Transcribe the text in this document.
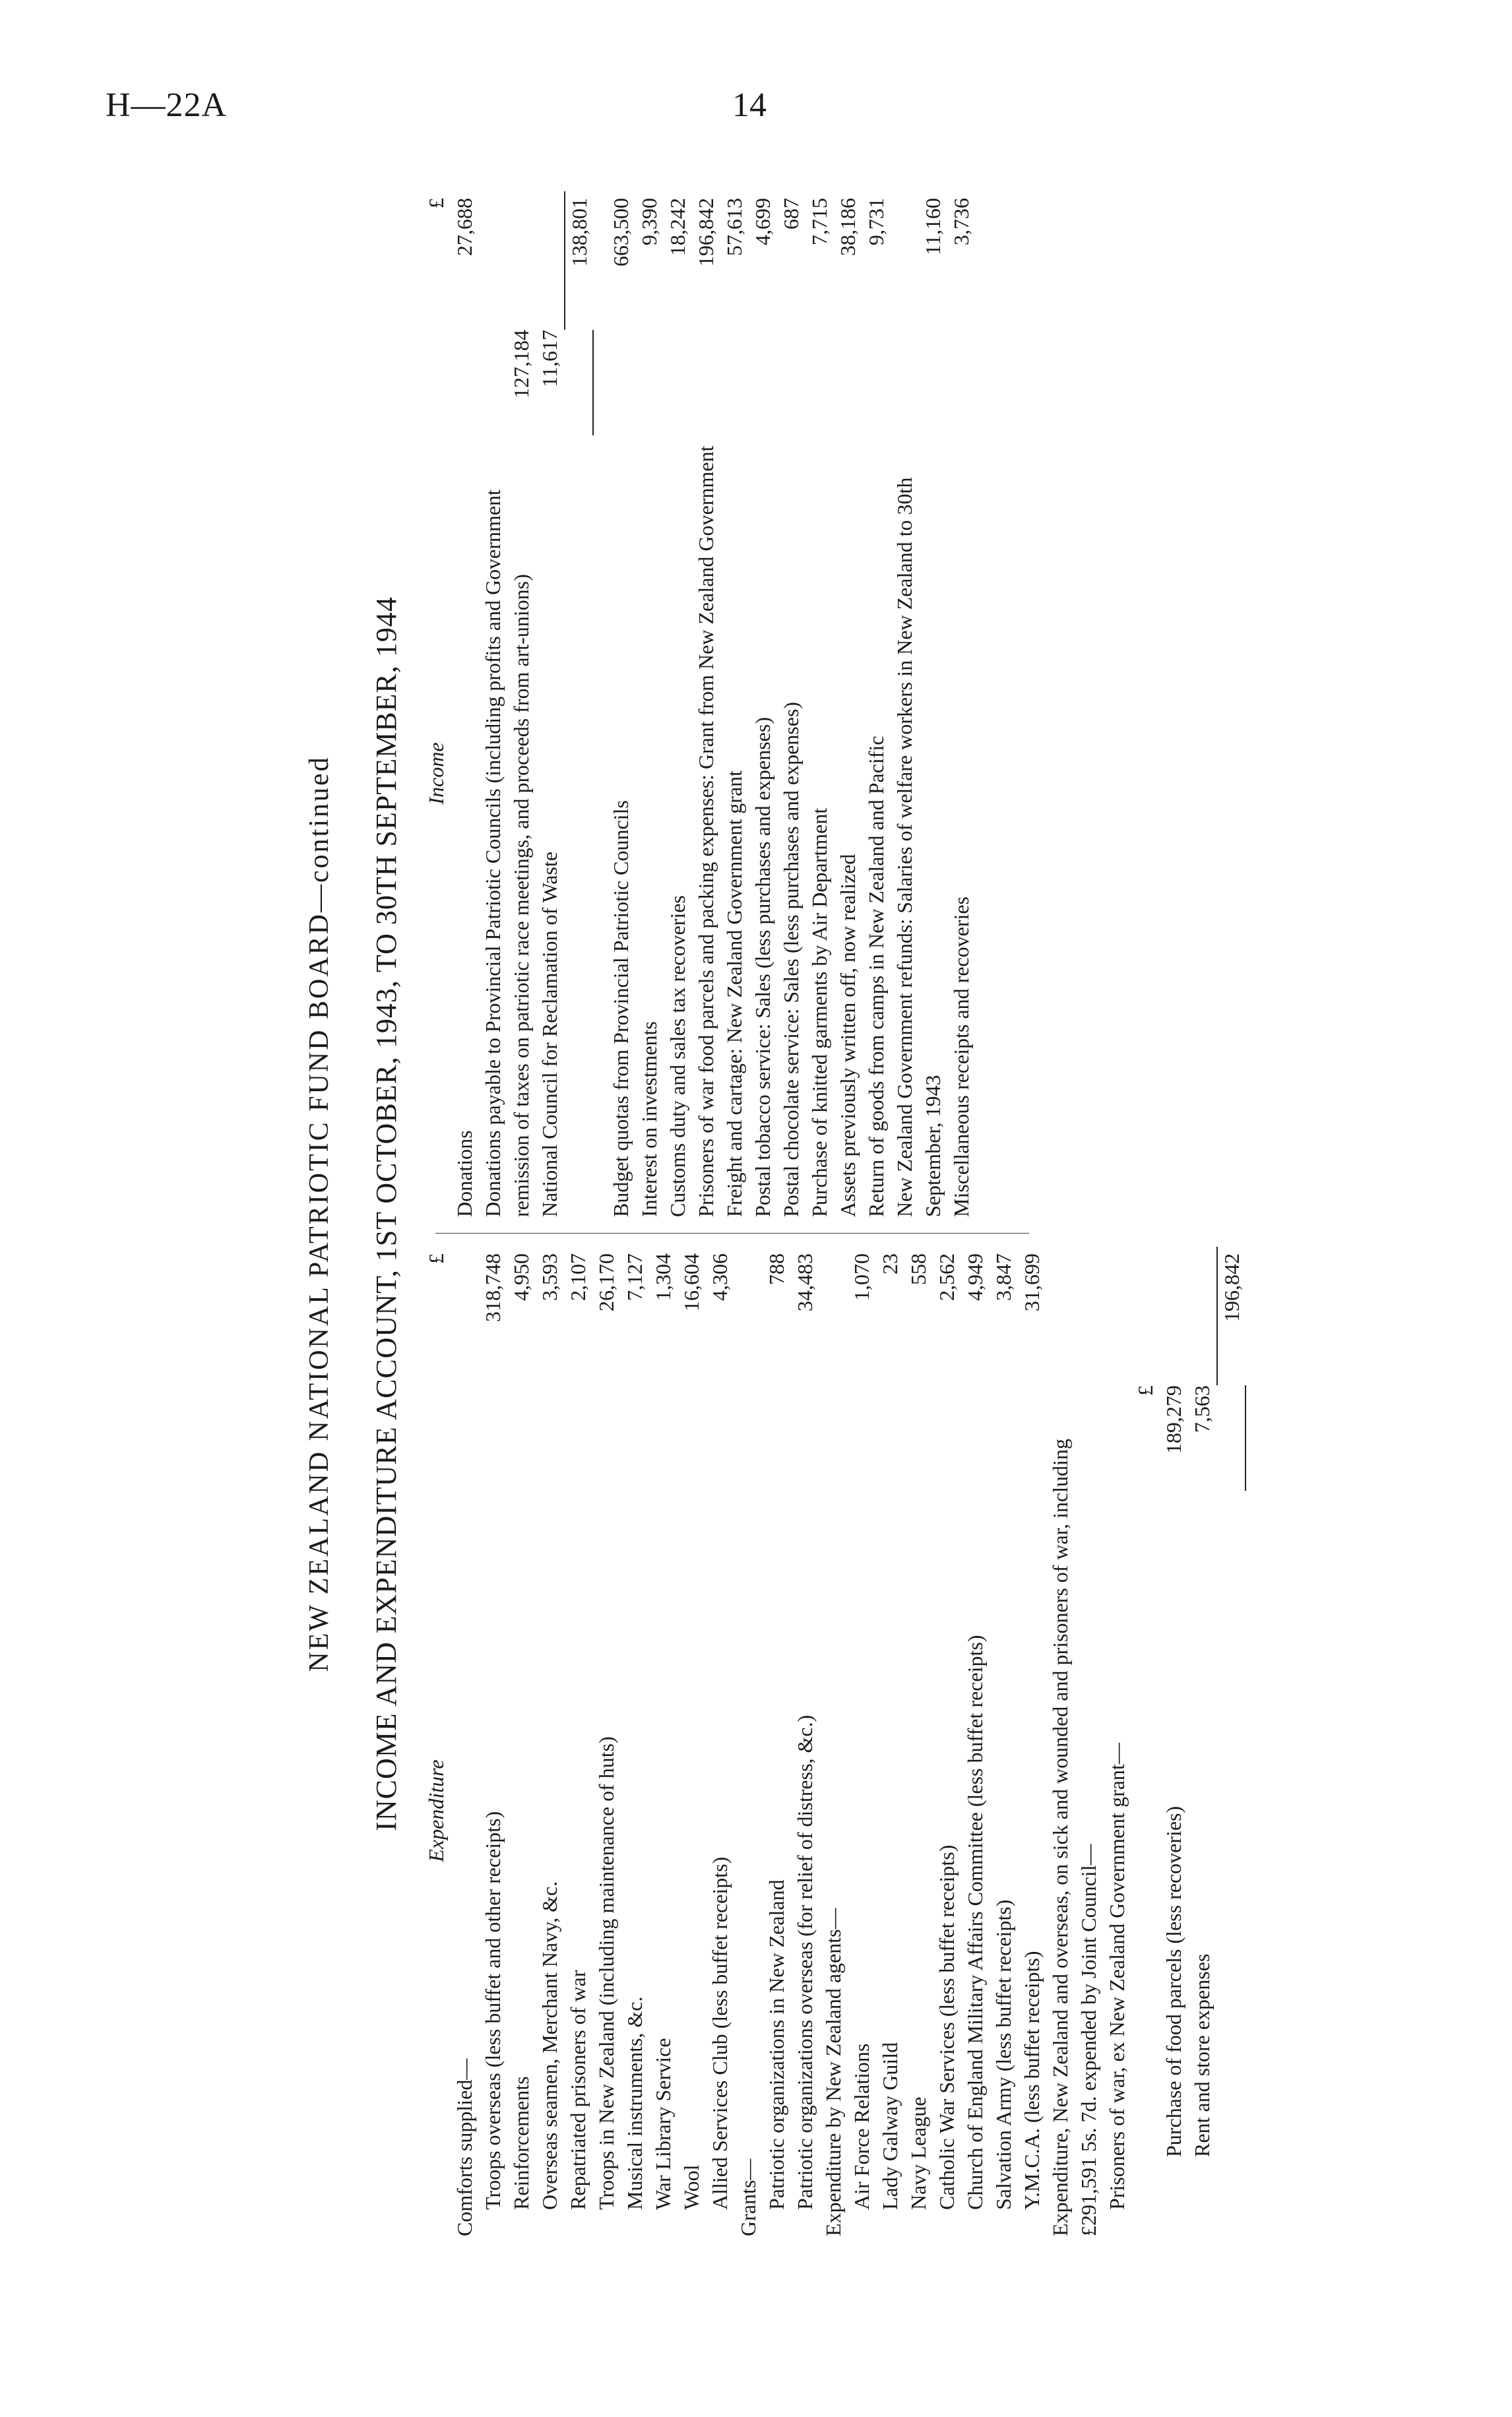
H—22A	14
NEW ZEALAND NATIONAL PATRIOTIC FUND BOARD—continued INCOME AND EXPENDITURE ACCOUNT, 1ST OCTOBER, 1943, TO 30TH SEPTEMBER, 1944 Expenditure
£
Comforts supplied— Troops overseas (less buffet and other receipts)
318,748
Reinforcements
4,950
Overseas seamen, Merchant Navy, &c.
3,593
Repatriated prisoners of war
2,107
Troops in New Zealand (including maintenance of huts)
26,170
Musical instruments, &c.
7,127
War Library Service
1,304
Wool
16,604
Allied Services Club (less buffet receipts)
4,306
Grants— Patriotic organizations in New Zealand
788
Patriotic organizations overseas (for relief of distress, &c.)
34,483
Expenditure by New Zealand agents— Air Force Relations
1,070
Lady Galway Guild
23
Navy League
558
Catholic War Services (less buffet receipts)
2,562
Church of England Military Affairs Committee (less buffet receipts)
4,949
Salvation Army (less buffet receipts)
3,847
Y.M.C.A. (less buffet receipts)
31,699
Expenditure, New Zealand and overseas, on sick and wounded and prisoners of war, including £291,591 5s. 7d. expended by Joint Council— Prisoners of war, ex New Zealand Government grant—
£
Purchase of food parcels (less recoveries)
189,279
Rent and store expenses
7,563
196,842
Income
£
Donations
27,688
Donations payable to Provincial Patriotic Councils (including profits and Government remission of taxes on patriotic race meetings, and proceeds from art-unions)
127,184
National Council for Reclamation of Waste
11,617
138,801
Budget quotas from Provincial Patriotic Councils
663,500
Interest on investments
9,390
Customs duty and sales tax recoveries
18,242
Prisoners of war food parcels and packing expenses: Grant from New Zealand Government
196,842
Freight and cartage: New Zealand Government grant
57,613
Postal tobacco service: Sales (less purchases and expenses)
4,699
Postal chocolate service: Sales (less purchases and expenses)
687
Purchase of knitted garments by Air Department
7,715
Assets previously written off, now realized
38,186
Return of goods from camps in New Zealand and Pacific
9,731
New Zealand Government refunds: Salaries of welfare workers in New Zealand to 30th September, 1943
11,160
Miscellaneous receipts and recoveries
3,736
